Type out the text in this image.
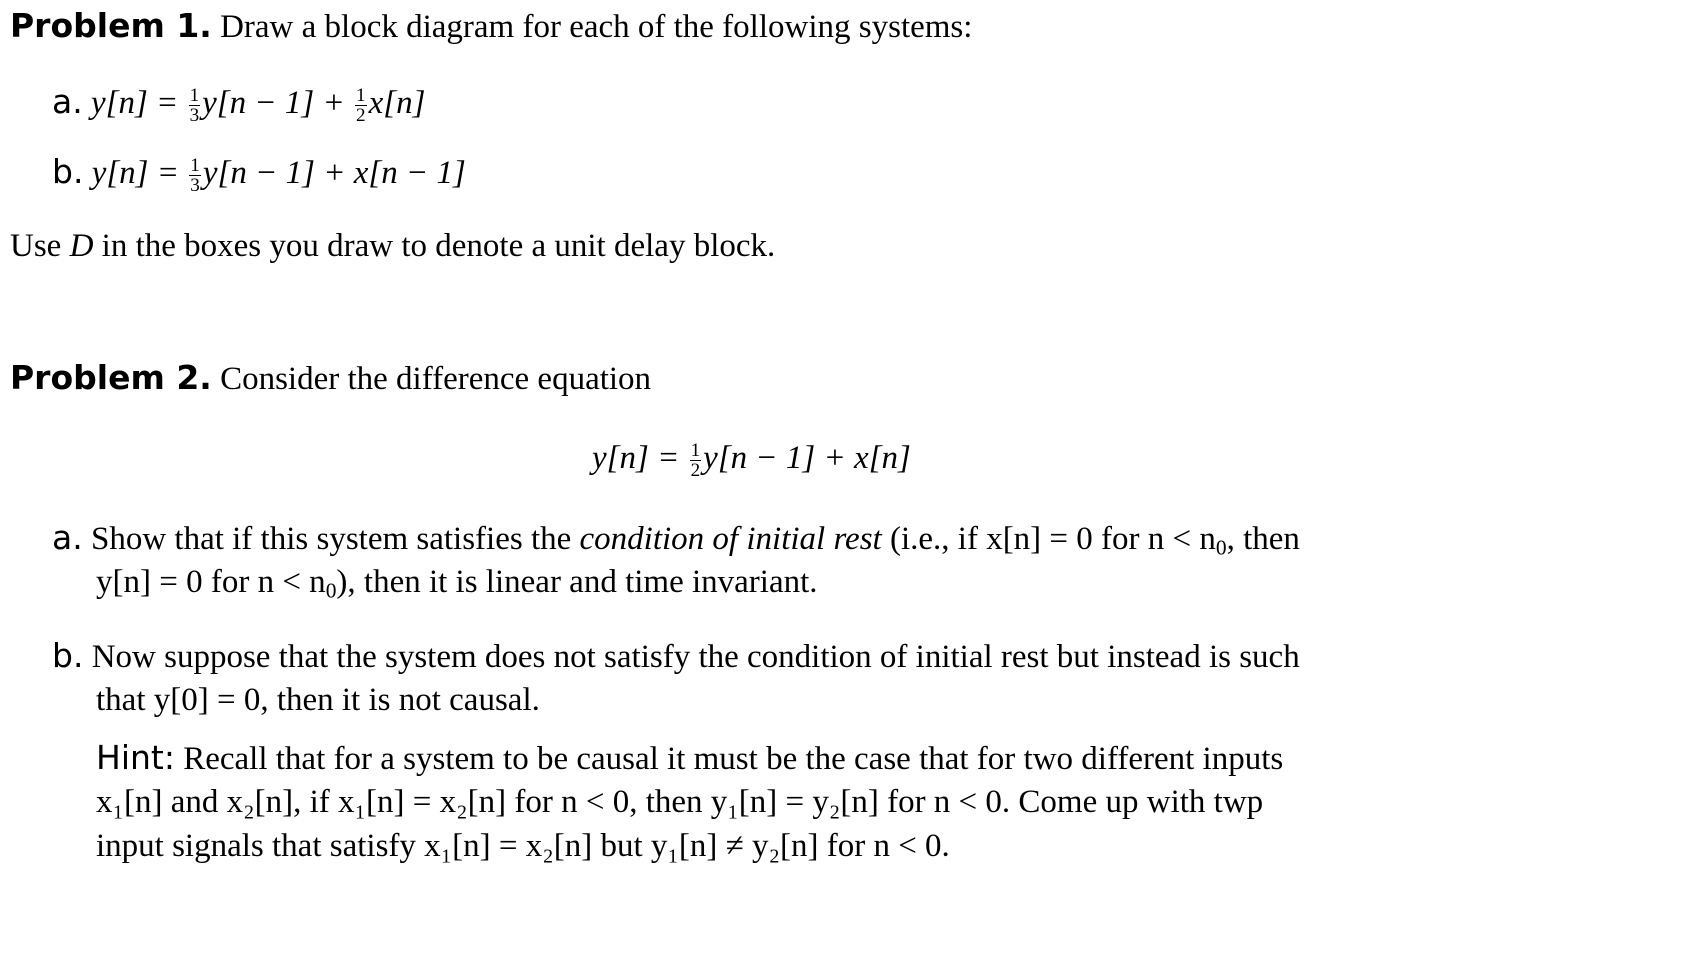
Problem 1. Draw a block diagram for each of the following systems:
a. $y[n] = \frac{1}{3} y[n - 1] + \frac{1}{2} x[n]$
b. $y[n] = \frac{1}{3} y[n - 1] + x[n - 1]$
Use D in the boxes you draw to denote a unit delay block.
Problem 2. Consider the difference equation
$y[n] = \frac{1}{2} y[n - 1] + x[n]$
a. Show that if this system satisfies the condition of initial rest (i.e., if x[n] = 0 for $n < n_0$, then
y[n] = 0 for $n < n_0$), then it is linear and time invariant.
b. Now suppose that the system does not satisfy the condition of initial rest but instead is such
that y[0] = 0, then it is not causal.
Hint: Recall that for a system to be causal it must be the case that for two different inputs
x₁[n] and x₂[n], if x₁[n] = x₂[n] for n < 0, then y₁[n] = y₂[n] for n < 0. Come up with twp
input signals that satisfy x₁[n] = x₂[n] but y₁[n] ≠ y₂[n] for n < 0.
